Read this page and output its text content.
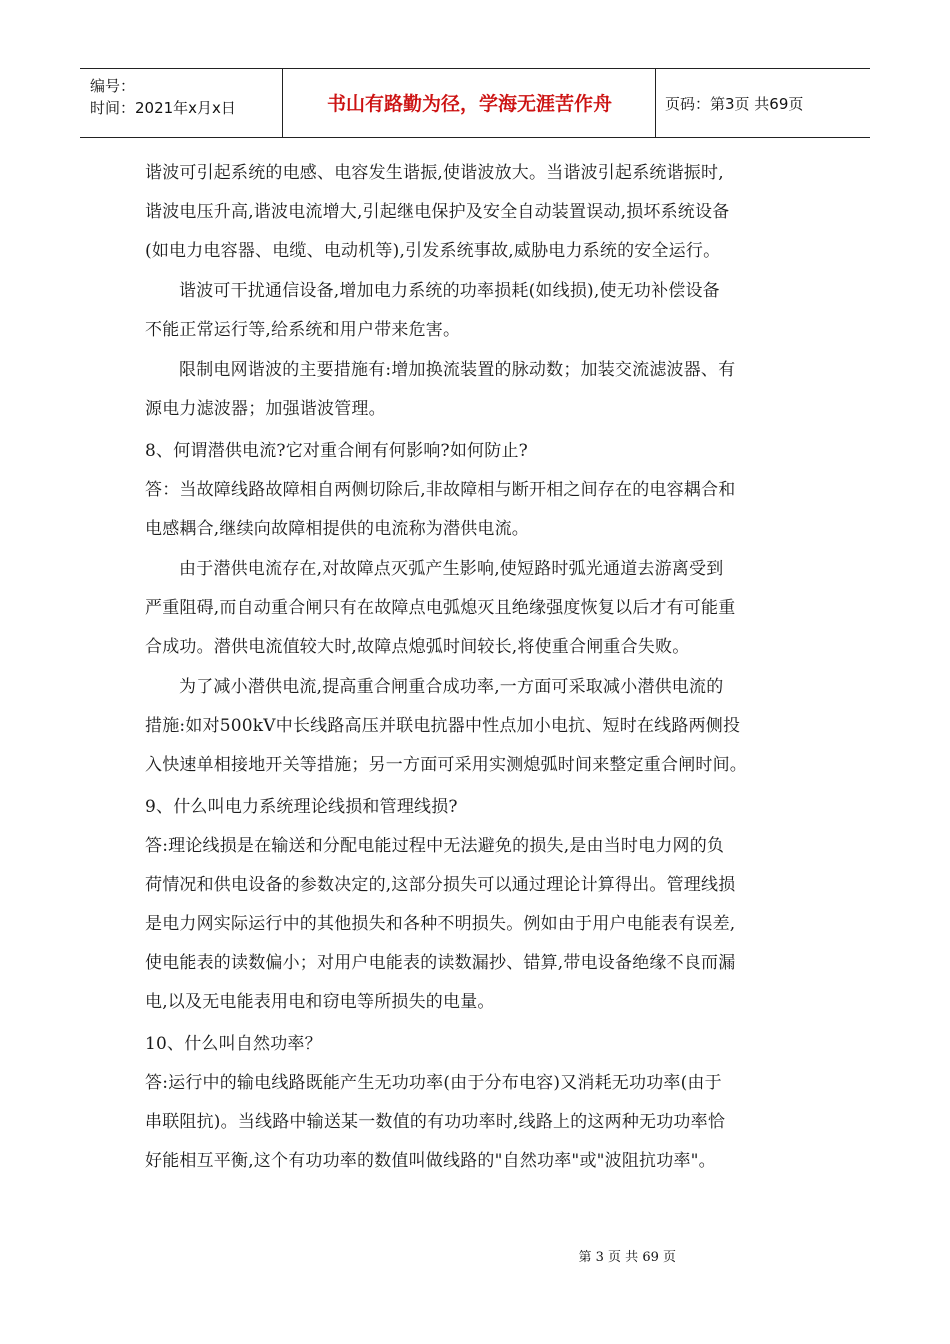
编号：
时间：2021年x月x日	书山有路勤为径，学海无涯苦作舟	页码：第3页 共69页

谐波可引起系统的电感、电容发生谐振,使谐波放大。当谐波引起系统谐振时,

谐波电压升高,谐波电流增大,引起继电保护及安全自动装置误动,损坏系统设备

(如电力电容器、电缆、电动机等),引发系统事故,威胁电力系统的安全运行。

谐波可干扰通信设备,增加电力系统的功率损耗(如线损),使无功补偿设备

不能正常运行等,给系统和用户带来危害。

限制电网谐波的主要措施有:增加换流装置的脉动数；加装交流滤波器、有

源电力滤波器；加强谐波管理。

8、何谓潜供电流?它对重合闸有何影响?如何防止?

答：当故障线路故障相自两侧切除后,非故障相与断开相之间存在的电容耦合和

电感耦合,继续向故障相提供的电流称为潜供电流。

由于潜供电流存在,对故障点灭弧产生影响,使短路时弧光通道去游离受到

严重阻碍,而自动重合闸只有在故障点电弧熄灭且绝缘强度恢复以后才有可能重

合成功。潜供电流值较大时,故障点熄弧时间较长,将使重合闸重合失败。

为了减小潜供电流,提高重合闸重合成功率,一方面可采取减小潜供电流的

措施:如对500kV中长线路高压并联电抗器中性点加小电抗、短时在线路两侧投

入快速单相接地开关等措施；另一方面可采用实测熄弧时间来整定重合闸时间。

9、什么叫电力系统理论线损和管理线损?

答:理论线损是在输送和分配电能过程中无法避免的损失,是由当时电力网的负

荷情况和供电设备的参数决定的,这部分损失可以通过理论计算得出。管理线损

是电力网实际运行中的其他损失和各种不明损失。例如由于用户电能表有误差,

使电能表的读数偏小；对用户电能表的读数漏抄、错算,带电设备绝缘不良而漏

电,以及无电能表用电和窃电等所损失的电量。

10、什么叫自然功率？

答:运行中的输电线路既能产生无功功率(由于分布电容)又消耗无功功率(由于

串联阻抗)。当线路中输送某一数值的有功功率时,线路上的这两种无功功率恰

好能相互平衡,这个有功功率的数值叫做线路的"自然功率"或"波阻抗功率"。

第 3 页 共 69 页
